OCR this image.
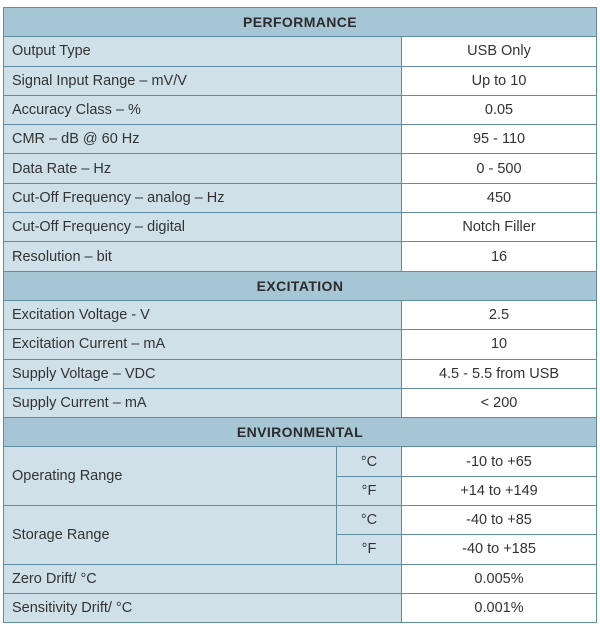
PERFORMANCE		
Output Type		USB Only
Signal Input Range – mV/V		Up to 10
Accuracy Class – %		0.05
CMR – dB @ 60 Hz		95 - 110
Data Rate – Hz		0 - 500
Cut-Off Frequency – analog – Hz		450
Cut-Off Frequency – digital		Notch Filler
Resolution – bit		16
EXCITATION		
Excitation Voltage - V		2.5
Excitation Current – mA		10
Supply Voltage – VDC		4.5 - 5.5 from USB
Supply Current – mA		< 200
ENVIRONMENTAL		
Operating Range	°C	-10 to +65
	°F	+14 to +149
Storage Range	°C	-40 to +85
	°F	-40 to +185
Zero Drift/ °C		0.005%
Sensitivity Drift/ °C		0.001%
